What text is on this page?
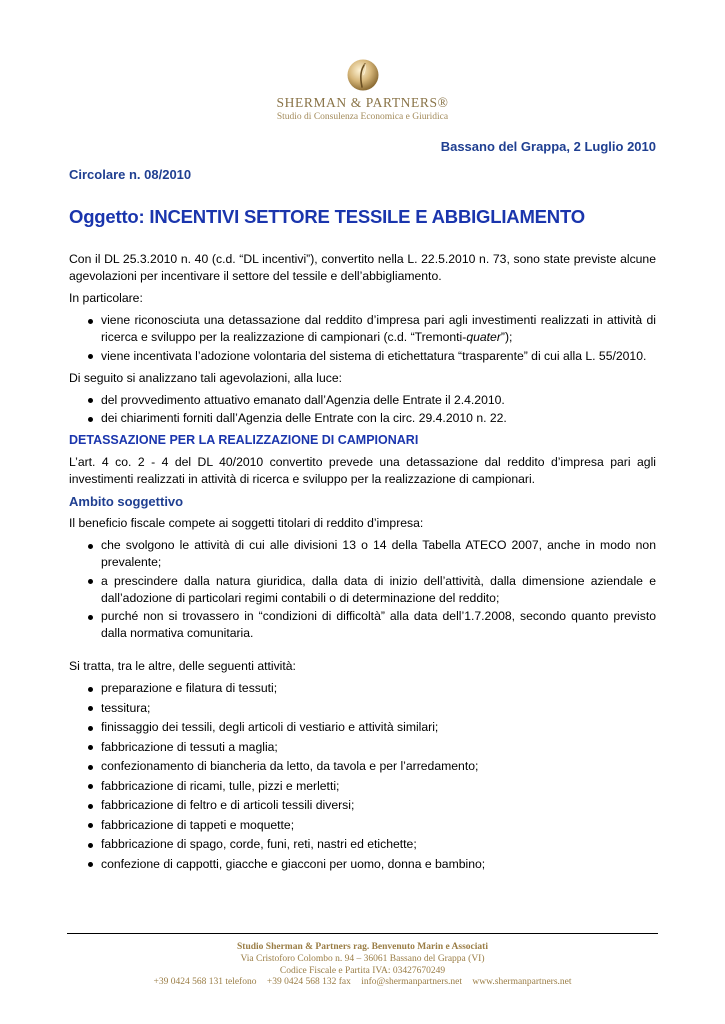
SHERMAN & PARTNERS®
Studio di Consulenza Economica e Giuridica
Bassano del Grappa, 2 Luglio 2010
Circolare n. 08/2010
Oggetto: INCENTIVI SETTORE TESSILE E ABBIGLIAMENTO

Con il DL 25.3.2010 n. 40 (c.d. “DL incentivi”), convertito nella L. 22.5.2010 n. 73, sono state previste alcune agevolazioni per incentivare il settore del tessile e dell’abbigliamento.

In particolare:

viene riconosciuta una detassazione dal reddito d’impresa pari agli investimenti realizzati in attività di ricerca e sviluppo per la realizzazione di campionari (c.d. “Tremonti-quater”);
viene incentivata l’adozione volontaria del sistema di etichettatura “trasparente” di cui alla L. 55/2010.

Di seguito si analizzano tali agevolazioni, alla luce:

del provvedimento attuativo emanato dall’Agenzia delle Entrate il 2.4.2010.
dei chiarimenti forniti dall’Agenzia delle Entrate con la circ. 29.4.2010 n. 22.

DETASSAZIONE PER LA REALIZZAZIONE DI CAMPIONARI

L’art. 4 co. 2 - 4 del DL 40/2010 convertito prevede una detassazione dal reddito d’impresa pari agli investimenti realizzati in attività di ricerca e sviluppo per la realizzazione di campionari.

Ambito soggettivo

Il beneficio fiscale compete ai soggetti titolari di reddito d’impresa:

che svolgono le attività di cui alle divisioni 13 o 14 della Tabella ATECO 2007, anche in modo non prevalente;
a prescindere dalla natura giuridica, dalla data di inizio dell’attività, dalla dimensione aziendale e dall’adozione di particolari regimi contabili o di determinazione del reddito;
purché non si trovassero in “condizioni di difficoltà” alla data dell’1.7.2008, secondo quanto previsto dalla normativa comunitaria.

Si tratta, tra le altre, delle seguenti attività:

preparazione e filatura di tessuti;
tessitura;
finissaggio dei tessili, degli articoli di vestiario e attività similari;
fabbricazione di tessuti a maglia;
confezionamento di biancheria da letto, da tavola e per l’arredamento;
fabbricazione di ricami, tulle, pizzi e merletti;
fabbricazione di feltro e di articoli tessili diversi;
fabbricazione di tappeti e moquette;
fabbricazione di spago, corde, funi, reti, nastri ed etichette;
confezione di cappotti, giacche e giacconi per uomo, donna e bambino;
Studio Sherman & Partners rag. Benvenuto Marin e Associati
Via Cristoforo Colombo n. 94 – 36061 Bassano del Grappa (VI)
Codice Fiscale e Partita IVA: 03427670249
+39 0424 568 131 telefono +39 0424 568 132 fax info@shermanpartners.net www.shermanpartners.net
